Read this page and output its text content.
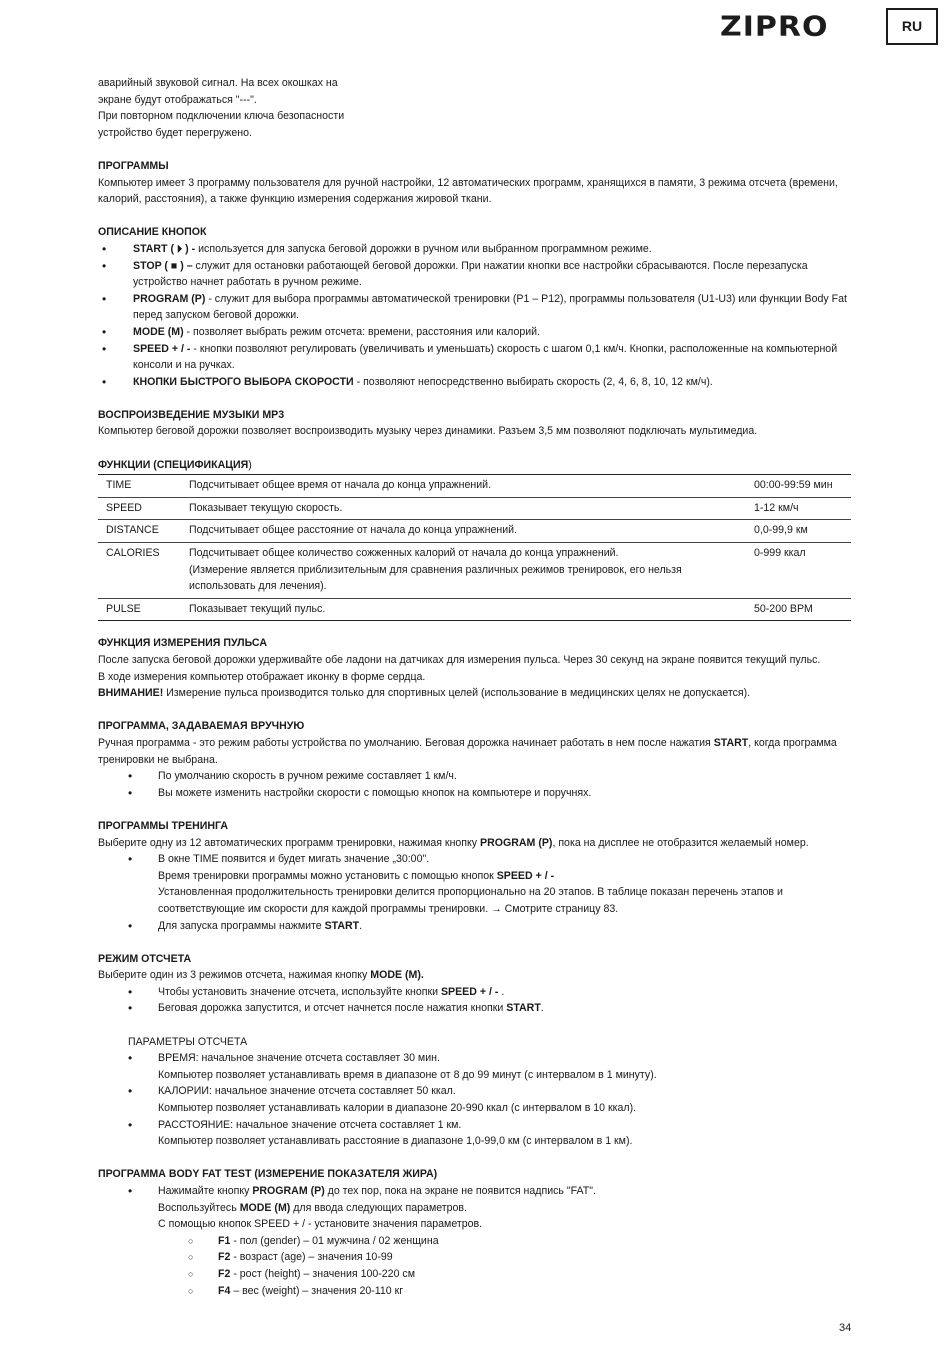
ZIPRO	RU

аварийный звуковой сигнал. На всех окошках на

экране будут отображаться "---".

При повторном подключении ключа безопасности

устройство будет перегружено.

ПРОГРАММЫ

Компьютер имеет 3 программу пользователя для ручной настройки, 12 автоматических программ, хранящихся в памяти, 3 режима отсчета (времени, калорий, расстояния), а также функцию измерения содержания жировой ткани.

ОПИСАНИЕ КНОПОК

• START ( ⏵ ) - используется для запуска беговой дорожки в ручном или выбранном программном режиме.
• STOP ( ■ ) – служит для остановки работающей беговой дорожки. При нажатии кнопки все настройки сбрасываются. После перезапуска устройство начнет работать в ручном режиме.
• PROGRAM (P) - служит для выбора программы автоматической тренировки (P1 – P12), программы пользователя (U1-U3) или функции Body Fat перед запуском беговой дорожки.
• MODE (M) - позволяет выбрать режим отсчета: времени, расстояния или калорий.
• SPEED + / - - кнопки позволяют регулировать (увеличивать и уменьшать) скорость с шагом 0,1 км/ч. Кнопки, расположенные на компьютерной консоли и на ручках.
• КНОПКИ БЫСТРОГО ВЫБОРА СКОРОСТИ - позволяют непосредственно выбирать скорость (2, 4, 6, 8, 10, 12 км/ч).

ВОСПРОИЗВЕДЕНИЕ МУЗЫКИ MP3

Компьютер беговой дорожки позволяет воспроизводить музыку через динамики. Разъем 3,5 мм позволяют подключать мультимедиа.

ФУНКЦИИ (СПЕЦИФИКАЦИЯ)

TIME	Подсчитывает общее время от начала до конца упражнений.	00:00-99:59 мин
SPEED	Показывает текущую скорость.	1-12 км/ч
DISTANCE	Подсчитывает общее расстояние от начала до конца упражнений.	0,0-99,9 км
CALORIES	Подсчитывает общее количество сожженных калорий от начала до конца упражнений.
(Измерение является приблизительным для сравнения различных режимов тренировок, его нельзя использовать для лечения).	0-999 ккал
PULSE	Показывает текущий пульс.	50-200 BPM

ФУНКЦИЯ ИЗМЕРЕНИЯ ПУЛЬСА

После запуска беговой дорожки удерживайте обе ладони на датчиках для измерения пульса. Через 30 секунд на экране появится текущий пульс.

В ходе измерения компьютер отображает иконку в форме сердца.

ВНИМАНИЕ! Измерение пульса производится только для спортивных целей (использование в медицинских целях не допускается).

ПРОГРАММА, ЗАДАВАЕМАЯ ВРУЧНУЮ

Ручная программа - это режим работы устройства по умолчанию. Беговая дорожка начинает работать в нем после нажатия START, когда программа тренировки не выбрана.

• По умолчанию скорость в ручном режиме составляет 1 км/ч.
• Вы можете изменить настройки скорости с помощью кнопок на компьютере и поручнях.

ПРОГРАММЫ ТРЕНИНГА

Выберите одну из 12 автоматических программ тренировки, нажимая кнопку PROGRAM (P), пока на дисплее не отобразится желаемый номер.

• В окне TIME появится и будет мигать значение „30:00".
Время тренировки программы можно установить с помощью кнопок SPEED + / -
Установленная продолжительность тренировки делится пропорционально на 20 этапов. В таблице показан перечень этапов и соответствующие им скорости для каждой программы тренировки. → Смотрите страницу 83.
• Для запуска программы нажмите START.

РЕЖИМ ОТСЧЕТА

Выберите один из 3 режимов отсчета, нажимая кнопку MODE (M).

• Чтобы установить значение отсчета, используйте кнопки SPEED + / - .
• Беговая дорожка запустится, и отсчет начнется после нажатия кнопки START.

ПАРАМЕТРЫ ОТСЧЕТА

• ВРЕМЯ: начальное значение отсчета составляет 30 мин.
Компьютер позволяет устанавливать время в диапазоне от 8 до 99 минут (с интервалом в 1 минуту).
• КАЛОРИИ: начальное значение отсчета составляет 50 ккал.
Компьютер позволяет устанавливать калории в диапазоне 20-990 ккал (с интервалом в 10 ккал).
• РАССТОЯНИЕ: начальное значение отсчета составляет 1 км.
Компьютер позволяет устанавливать расстояние в диапазоне 1,0-99,0 км (с интервалом в 1 км).

ПРОГРАММА BODY FAT TEST (ИЗМЕРЕНИЕ ПОКАЗАТЕЛЯ ЖИРА)

• Нажимайте кнопку PROGRAM (P) до тех пор, пока на экране не появится надпись "FAT".
Воспользуйтесь MODE (M) для ввода следующих параметров.
С помощью кнопок SPEED + / - установите значения параметров.
○ F1 - пол (gender) – 01 мужчина / 02 женщина
○ F2 - возраст (age) – значения 10-99
○ F2 - рост (height) – значения 100-220 см
○ F4 – вес (weight) – значения 20-110 кг
34
